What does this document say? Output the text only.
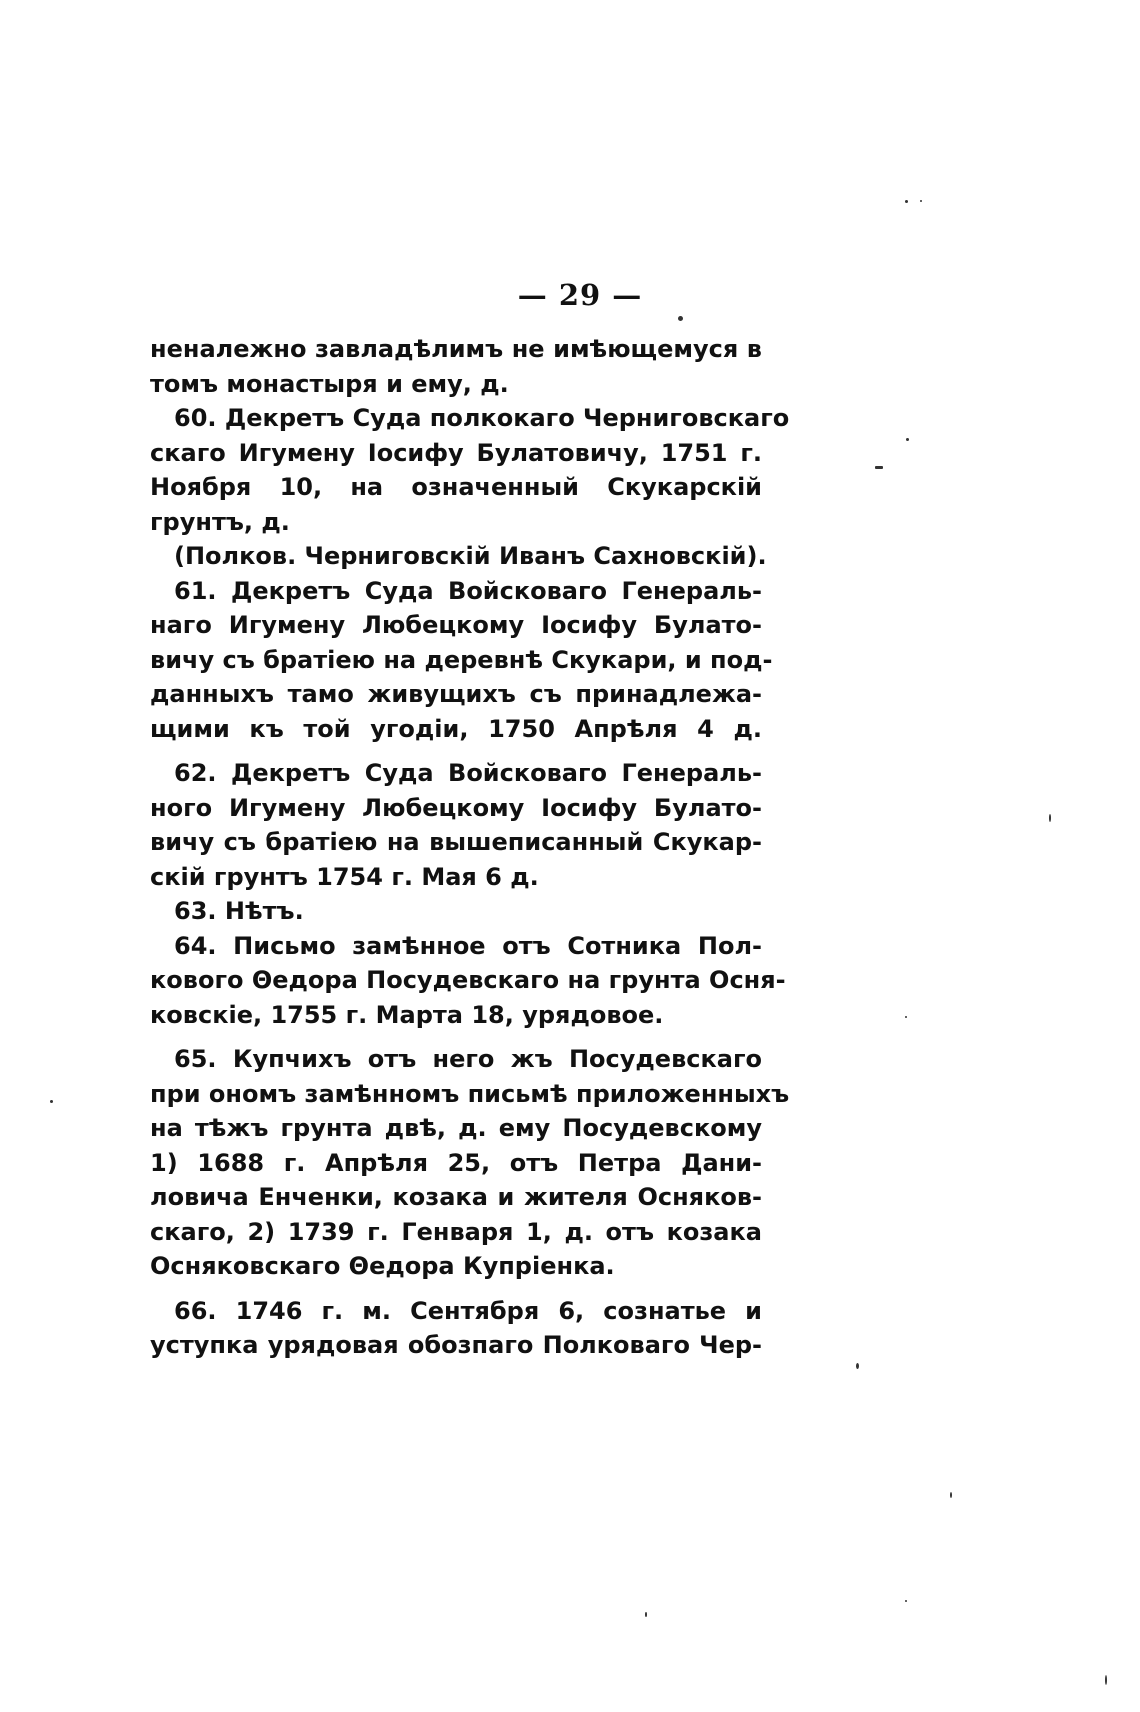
— 29 —
неналежно завладѣлимъ не имѣющемуся в
томъ монастыря и ему, д.
60. Декретъ Суда полкокаго Черниговскаго
скаго Игумену Іосифу Булатовичу, 1751 г.
Ноября 10, на означенный Скукарскій
грунтъ, д.
(Полков. Черниговскій Иванъ Сахновскій).
61. Декретъ Суда Войсковаго Генераль-
наго Игумену Любецкому Іосифу Булато-
вичу съ братіею на деревнѣ Скукари, и под-
данныхъ тамо живущихъ съ принадлежа-
щими къ той угодіи, 1750 Апрѣля 4 д.
62. Декретъ Суда Войсковаго Генераль-
ного Игумену Любецкому Іосифу Булато-
вичу съ братіею на вышеписанный Скукар-
скій грунтъ 1754 г. Мая 6 д.
63. Нѣтъ.
64. Письмо замѣнное отъ Сотника Пол-
кового Θедора Посудевскаго на грунта Осня-
ковскіе, 1755 г. Марта 18, урядовое.
65. Купчихъ отъ него жъ Посудевскаго
при ономъ замѣнномъ письмѣ приложенныхъ
на тѣжъ грунта двѣ, д. ему Посудевскому
1) 1688 г. Апрѣля 25, отъ Петра Дани-
ловича Енченки, козака и жителя Осняков-
скаго, 2) 1739 г. Генваря 1, д. отъ козака
Осняковскаго Θедора Купріенка.
66. 1746 г. м. Сентября 6, сознатье и
уступка урядовая обозпаго Полковаго Чер-
